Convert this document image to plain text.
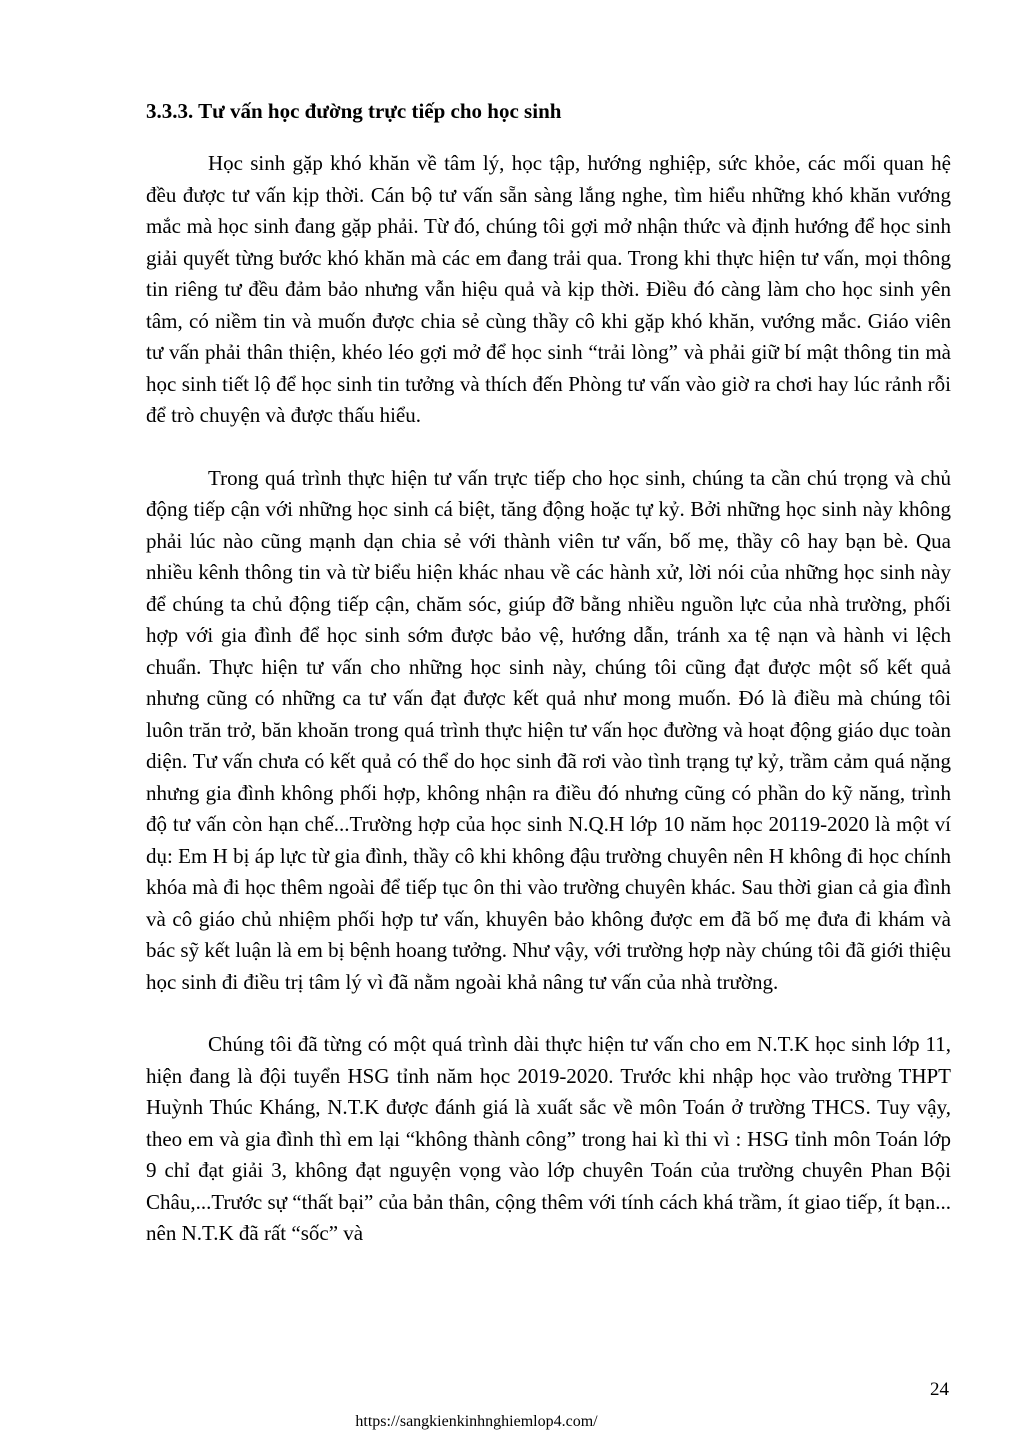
3.3.3. Tư vấn học đường trực tiếp cho học sinh

Học sinh gặp khó khăn về tâm lý, học tập, hướng nghiệp, sức khỏe, các mối quan hệ đều được tư vấn kịp thời. Cán bộ tư vấn sẵn sàng lắng nghe, tìm hiểu những khó khăn vướng mắc mà học sinh đang gặp phải. Từ đó, chúng tôi gợi mở nhận thức và định hướng để học sinh giải quyết từng bước khó khăn mà các em đang trải qua. Trong khi thực hiện tư vấn, mọi thông tin riêng tư đều đảm bảo nhưng vẫn hiệu quả và kịp thời. Điều đó càng làm cho học sinh yên tâm, có niềm tin và muốn được chia sẻ cùng thầy cô khi gặp khó khăn, vướng mắc. Giáo viên tư vấn phải thân thiện, khéo léo gợi mở để học sinh “trải lòng” và phải giữ bí mật thông tin mà học sinh tiết lộ để học sinh tin tưởng và thích đến Phòng tư vấn vào giờ ra chơi hay lúc rảnh rỗi để trò chuyện và được thấu hiểu.

Trong quá trình thực hiện tư vấn trực tiếp cho học sinh, chúng ta cần chú trọng và chủ động tiếp cận với những học sinh cá biệt, tăng động hoặc tự kỷ. Bởi những học sinh này không phải lúc nào cũng mạnh dạn chia sẻ với thành viên tư vấn, bố mẹ, thầy cô hay bạn bè. Qua nhiều kênh thông tin và từ biểu hiện khác nhau về các hành xử, lời nói của những học sinh này để chúng ta chủ động tiếp cận, chăm sóc, giúp đỡ bằng nhiều nguồn lực của nhà trường, phối hợp với gia đình để học sinh sớm được bảo vệ, hướng dẫn, tránh xa tệ nạn và hành vi lệch chuẩn. Thực hiện tư vấn cho những học sinh này, chúng tôi cũng đạt được một số kết quả nhưng cũng có những ca tư vấn đạt được kết quả như mong muốn. Đó là điều mà chúng tôi luôn trăn trở, băn khoăn trong quá trình thực hiện tư vấn học đường và hoạt động giáo dục toàn diện. Tư vấn chưa có kết quả có thể do học sinh đã rơi vào tình trạng tự kỷ, trầm cảm quá nặng nhưng gia đình không phối hợp, không nhận ra điều đó nhưng cũng có phần do kỹ năng, trình độ tư vấn còn hạn chế...Trường hợp của học sinh N.Q.H lớp 10 năm học 20119-2020 là một ví dụ: Em H bị áp lực từ gia đình, thầy cô khi không đậu trường chuyên nên H không đi học chính khóa mà đi học thêm ngoài để tiếp tục ôn thi vào trường chuyên khác. Sau thời gian cả gia đình và cô giáo chủ nhiệm phối hợp tư vấn, khuyên bảo không được em đã bố mẹ đưa đi khám và bác sỹ kết luận là em bị bệnh hoang tưởng. Như vậy, với trường hợp này chúng tôi đã giới thiệu học sinh đi điều trị tâm lý vì đã nằm ngoài khả nâng tư vấn của nhà trường.

Chúng tôi đã từng có một quá trình dài thực hiện tư vấn cho em N.T.K học sinh lớp 11, hiện đang là đội tuyển HSG tỉnh năm học 2019-2020. Trước khi nhập học vào trường THPT Huỳnh Thúc Kháng, N.T.K được đánh giá là xuất sắc về môn Toán ở trường THCS. Tuy vậy, theo em và gia đình thì em lại “không thành công” trong hai kì thi vì : HSG tỉnh môn Toán lớp 9 chỉ đạt giải 3, không đạt nguyện vọng vào lớp chuyên Toán của trường chuyên Phan Bội Châu,...Trước sự “thất bại” của bản thân, cộng thêm với tính cách khá trầm, ít giao tiếp, ít bạn... nên N.T.K đã rất “sốc” và

24
https://sangkienkinhnghiemlop4.com/
